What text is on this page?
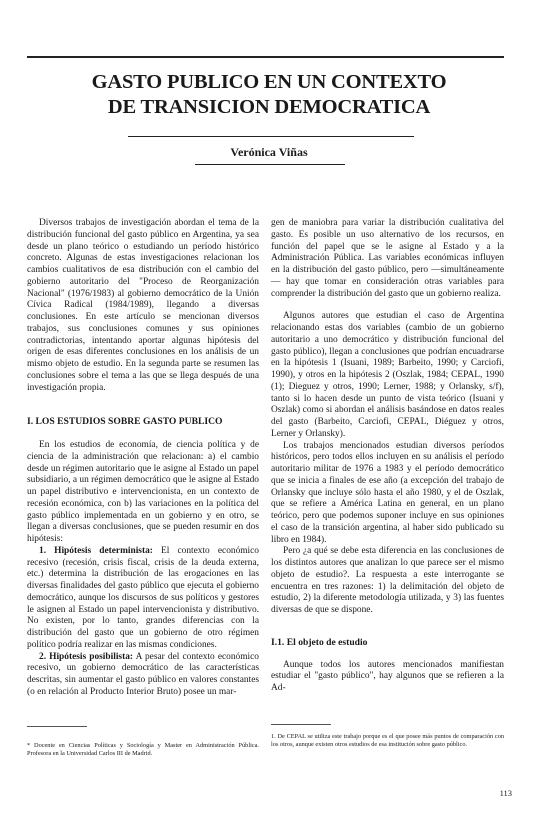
GASTO PUBLICO EN UN CONTEXTO
DE TRANSICION DEMOCRATICA
Verónica Viñas

Diversos trabajos de investigación abordan el tema de la distribución funcional del gasto público en Argentina, ya sea desde un plano teórico o estudiando un período histórico concreto. Algunas de estas investigaciones relacionan los cambios cualitativos de esa distribución con el cambio del gobierno autoritario del "Proceso de Reorganización Nacional" (1976/1983) al gobierno democrático de la Unión Cívica Radical (1984/1989), llegando a diversas conclusiones. En este artículo se mencionan diversos trabajos, sus conclusiones comunes y sus opiniones contradictorias, intentando aportar algunas hipótesis del origen de esas diferentes conclusiones en los análisis de un mismo objeto de estudio. En la segunda parte se resumen las conclusiones sobre el tema a las que se llega después de una investigación propia.

I. LOS ESTUDIOS SOBRE GASTO PUBLICO

En los estudios de economía, de ciencia política y de ciencia de la administración que relacionan: a) el cambio desde un régimen autoritario que le asigne al Estado un papel subsidiario, a un régimen democrático que le asigne al Estado un papel distributivo e intervencionista, en un contexto de recesión económica, con b) las variaciones en la política del gasto público implementada en un gobierno y en otro, se llegan a diversas conclusiones, que se pueden resumir en dos hipótesis:

1. Hipótesis determinista: El contexto económico recesivo (recesión, crisis fiscal, crisis de la deuda externa, etc.) determina la distribución de las erogaciones en las diversas finalidades del gasto público que ejecuta el gobierno democrático, aunque los discursos de sus políticos y gestores le asignen al Estado un papel intervencionista y distributivo. No existen, por lo tanto, grandes diferencias con la distribución del gasto que un gobierno de otro régimen político podría realizar en las mismas condiciones.

2. Hipótesis posibilista: A pesar del contexto económico recesivo, un gobierno democrático de las características descritas, sin aumentar el gasto público en valores constantes (o en relación al Producto Interior Bruto) posee un mar-

gen de maniobra para variar la distribución cualitativa del gasto. Es posible un uso alternativo de los recursos, en función del papel que se le asigne al Estado y a la Administración Pública. Las variables económicas influyen en la distribución del gasto público, pero —simultáneamente— hay que tomar en consideración otras variables para comprender la distribución del gasto que un gobierno realiza.

Algunos autores que estudian el caso de Argentina relacionando estas dos variables (cambio de un gobierno autoritario a uno democrático y distribución funcional del gasto público), llegan a conclusiones que podrían encuadrarse en la hipótesis 1 (Isuani, 1989; Barbeito, 1990; y Carciofi, 1990), y otros en la hipótesis 2 (Oszlak, 1984; CEPAL, 1990 (1); Dieguez y otros, 1990; Lerner, 1988; y Orlansky, s/f), tanto si lo hacen desde un punto de vista teórico (Isuani y Oszlak) como si abordan el análisis basándose en datos reales del gasto (Barbeito, Carciofi, CEPAL, Diéguez y otros, Lerner y Orlansky).

Los trabajos mencionados estudian diversos períodos históricos, pero todos ellos incluyen en su análisis el período autoritario militar de 1976 a 1983 y el período democrático que se inicia a finales de ese año (a excepción del trabajo de Orlansky que incluye sólo hasta el año 1980, y el de Oszlak, que se refiere a América Latina en general, en un plano teórico, pero que podemos suponer incluye en sus opiniones el caso de la transición argentina, al haber sido publicado su libro en 1984).

Pero ¿a qué se debe esta diferencia en las conclusiones de los distintos autores que analizan lo que parece ser el mismo objeto de estudio?. La respuesta a este interrogante se encuentra en tres razones: 1) la delimitación del objeto de estudio, 2) la diferente metodología utilizada, y 3) las fuentes diversas de que se dispone.

I.1. El objeto de estudio

Aunque todos los autores mencionados manifiestan estudiar el "gasto público", hay algunos que se refieren a la Ad-

* Docente en Ciencias Políticas y Sociología y Master en Administración Pública. Profesora en la Universidad Carlos III de Madrid.
1. De CEPAL se utiliza este trabajo porque es el que posee más puntos de comparación con los otros, aunque existen otros estudios de esa institución sobre gasto público.
113
